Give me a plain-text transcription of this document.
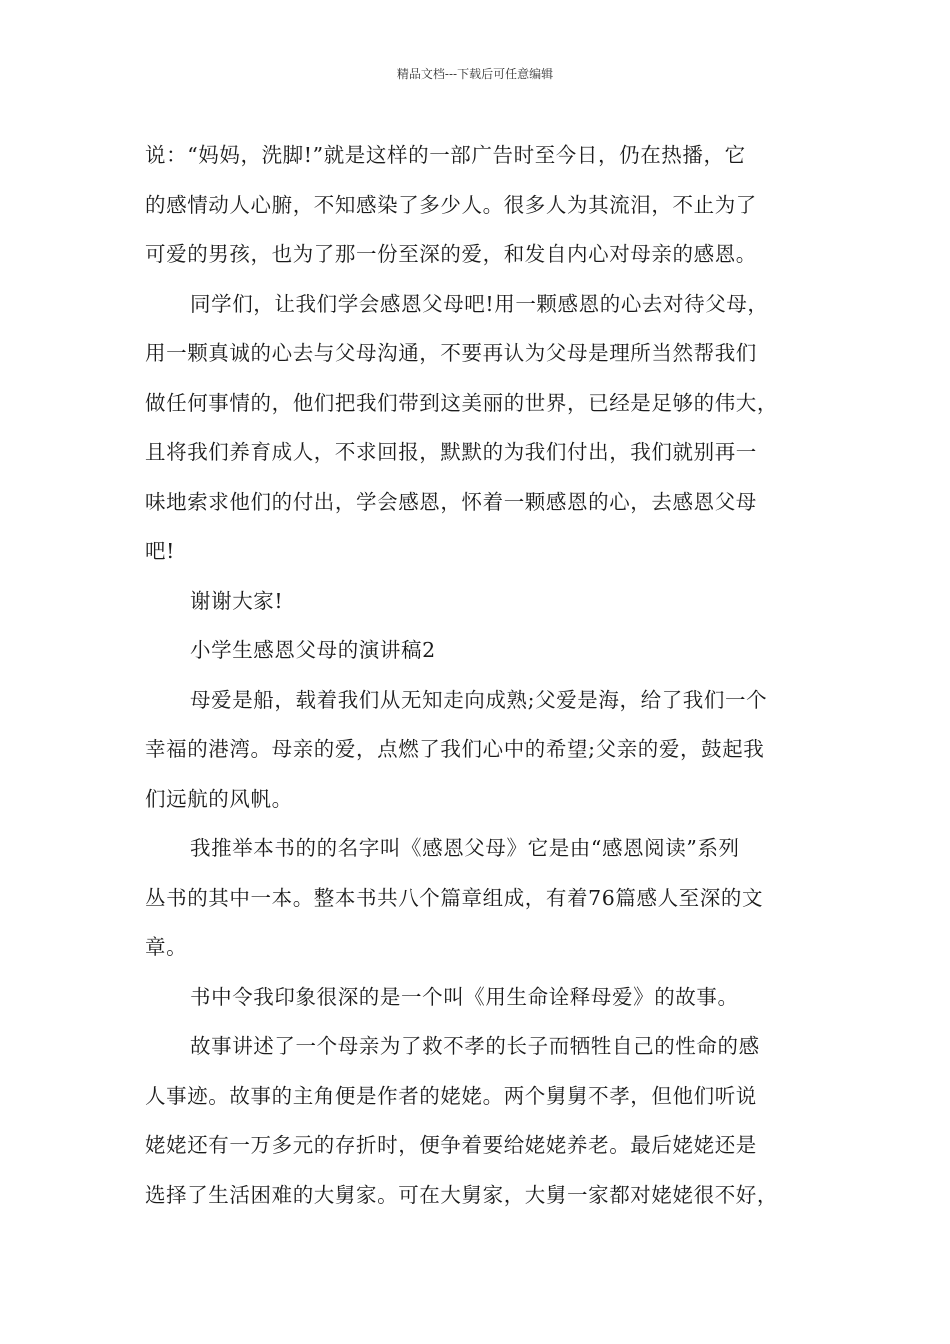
精品文档---下载后可任意编辑
说：“妈妈，洗脚!”就是这样的一部广告时至今日，仍在热播，它
的感情动人心腑，不知感染了多少人。很多人为其流泪，不止为了
可爱的男孩，也为了那一份至深的爱，和发自内心对母亲的感恩。
同学们，让我们学会感恩父母吧!用一颗感恩的心去对待父母，
用一颗真诚的心去与父母沟通，不要再认为父母是理所当然帮我们
做任何事情的，他们把我们带到这美丽的世界，已经是足够的伟大，
且将我们养育成人，不求回报，默默的为我们付出，我们就别再一
味地索求他们的付出，学会感恩，怀着一颗感恩的心，去感恩父母
吧!
谢谢大家!
小学生感恩父母的演讲稿2
母爱是船，载着我们从无知走向成熟;父爱是海，给了我们一个
幸福的港湾。母亲的爱，点燃了我们心中的希望;父亲的爱，鼓起我
们远航的风帆。
我推举本书的的名字叫《感恩父母》它是由“感恩阅读”系列
丛书的其中一本。整本书共八个篇章组成，有着76篇感人至深的文
章。
书中令我印象很深的是一个叫《用生命诠释母爱》的故事。
故事讲述了一个母亲为了救不孝的长子而牺牲自己的性命的感
人事迹。故事的主角便是作者的姥姥。两个舅舅不孝，但他们听说
姥姥还有一万多元的存折时，便争着要给姥姥养老。最后姥姥还是
选择了生活困难的大舅家。可在大舅家，大舅一家都对姥姥很不好，
